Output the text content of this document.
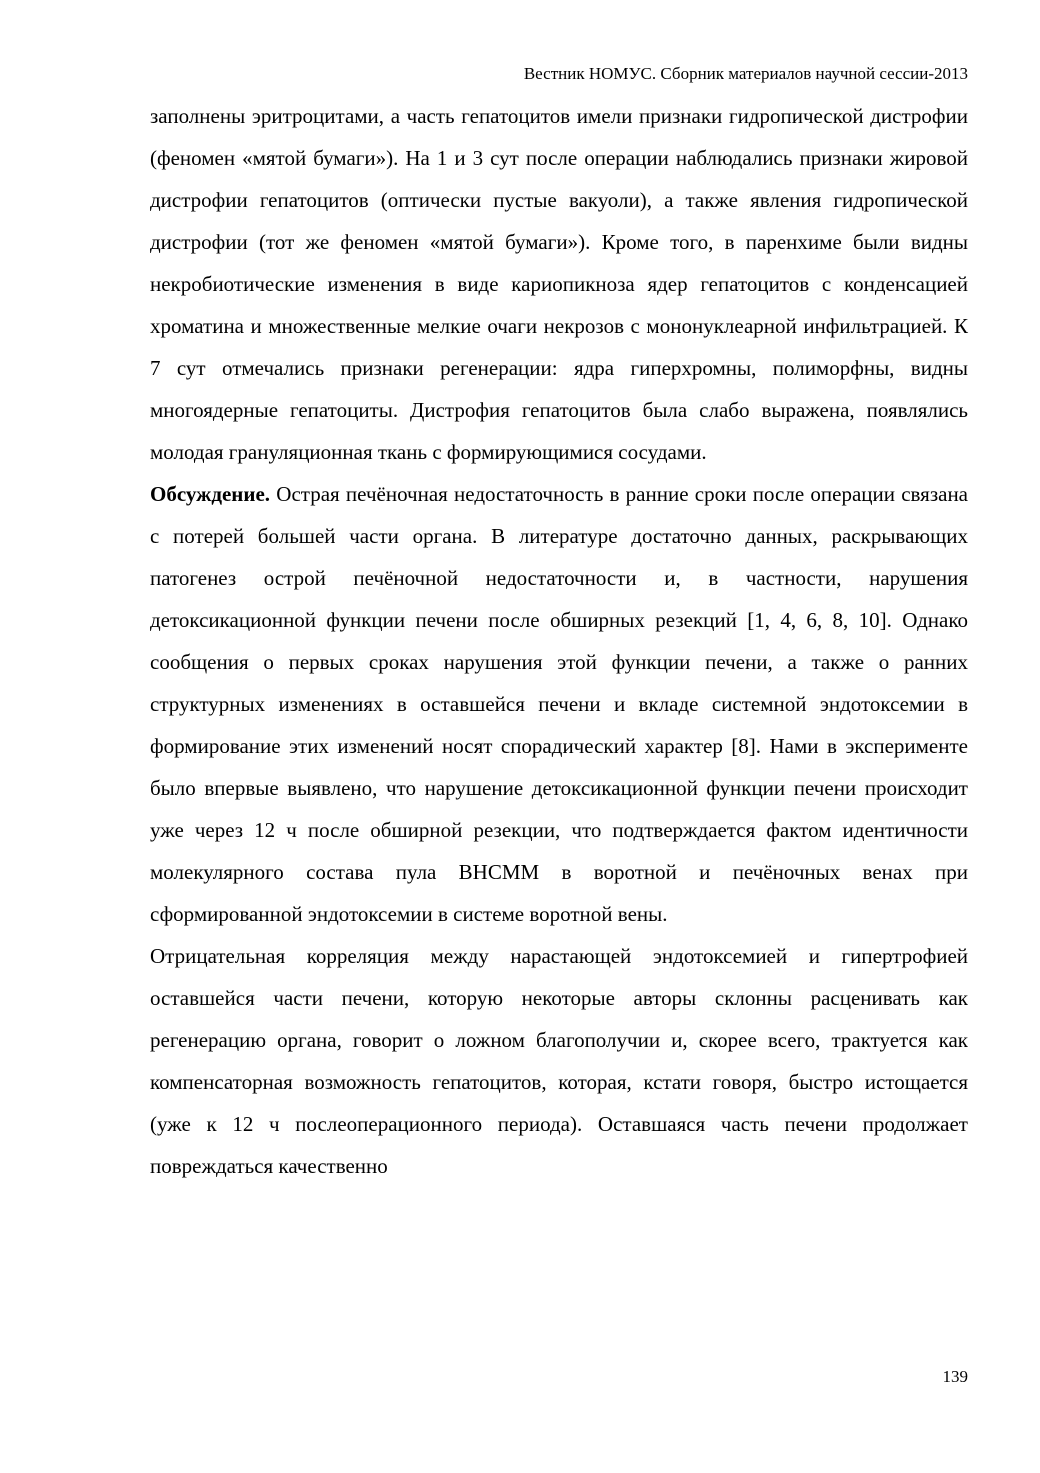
Вестник НОМУС. Сборник материалов научной сессии-2013

заполнены эритроцитами, а часть гепатоцитов имели признаки гидропической дистрофии (феномен «мятой бумаги»). На 1 и 3 сут после операции наблюдались признаки жировой дистрофии гепатоцитов (оптически пустые вакуоли), а также явления гидропической дистрофии (тот же феномен «мятой бумаги»). Кроме того, в паренхиме были видны некробиотические изменения в виде кариопикноза ядер гепатоцитов с конденсацией хроматина и множественные мелкие очаги некрозов с мононуклеарной инфильтрацией. К 7 сут отмечались признаки регенерации: ядра гиперхромны, полиморфны, видны многоядерные гепатоциты. Дистрофия гепатоцитов была слабо выражена, появлялись молодая грануляционная ткань с формирующимися сосудами.

Обсуждение. Острая печёночная недостаточность в ранние сроки после операции связана с потерей большей части органа. В литературе достаточно данных, раскрывающих патогенез острой печёночной недостаточности и, в частности, нарушения детоксикационной функции печени после обширных резекций [1, 4, 6, 8, 10]. Однако сообщения о первых сроках нарушения этой функции печени, а также о ранних структурных изменениях в оставшейся печени и вкладе системной эндотоксемии в формирование этих изменений носят спорадический характер [8]. Нами в эксперименте было впервые выявлено, что нарушение детоксикационной функции печени происходит уже через 12 ч после обширной резекции, что подтверждается фактом идентичности молекулярного состава пула ВНСММ в воротной и печёночных венах при сформированной эндотоксемии в системе воротной вены.

Отрицательная корреляция между нарастающей эндотоксемией и гипертрофией оставшейся части печени, которую некоторые авторы склонны расценивать как регенерацию органа, говорит о ложном благополучии и, скорее всего, трактуется как компенсаторная возможность гепатоцитов, которая, кстати говоря, быстро истощается (уже к 12 ч послеоперационного периода). Оставшаяся часть печени продолжает повреждаться качественно

139
